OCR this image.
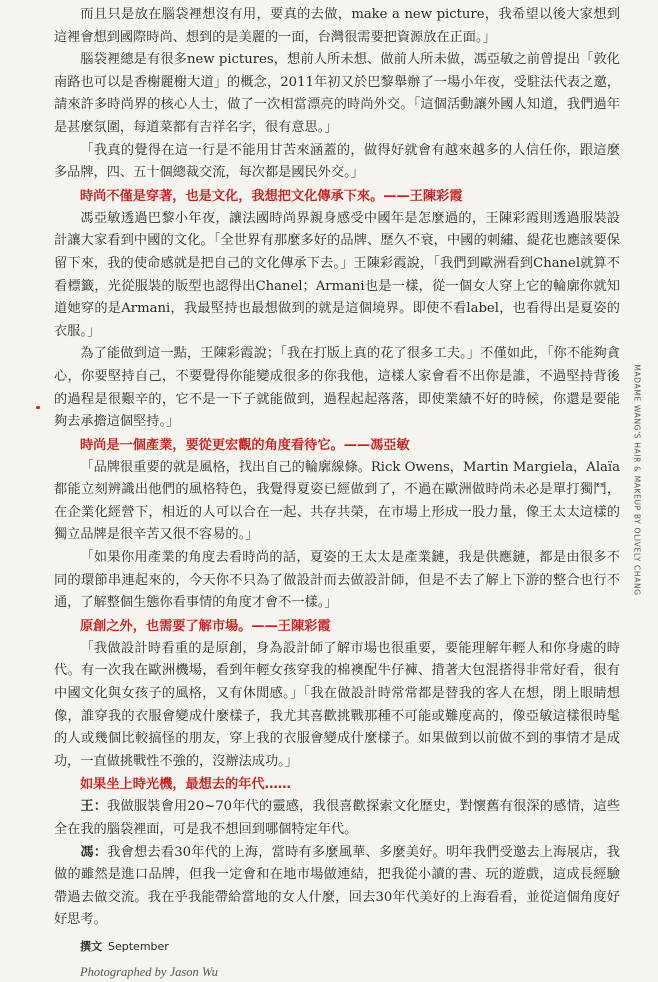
而且只是放在腦袋裡想沒有用，要真的去做，make a new picture，我希望以後大家想到這裡會想到國際時尚、想到的是美麗的一面，台灣很需要把資源放在正面。」

腦袋裡總是有很多new pictures，想前人所未想、做前人所未做，馮亞敏之前曾提出「敦化南路也可以是香榭麗榭大道」的概念，2011年初又於巴黎舉辦了一場小年夜，受駐法代表之邀，請來許多時尚界的核心人士，做了一次相當漂亮的時尚外交。「這個活動讓外國人知道，我們過年是甚麼氛圍，每道菜都有吉祥名字，很有意思。」

「我真的覺得在這一行是不能用甘苦來涵蓋的，做得好就會有越來越多的人信任你，跟這麼多品牌，四、五十個總裁交流，每次都是國民外交。」

時尚不僅是穿著，也是文化，我想把文化傳承下來。——王陳彩霞

馮亞敏透過巴黎小年夜，讓法國時尚界親身感受中國年是怎麼過的，王陳彩霞則透過服裝設計讓大家看到中國的文化。「全世界有那麼多好的品牌、歷久不衰，中國的刺繡、緹花也應該要保留下來，我的使命感就是把自己的文化傳承下去。」王陳彩霞說，「我們到歐洲看到Chanel就算不看標籤，光從服裝的版型也認得出Chanel；Armani也是一樣，從一個女人穿上它的輪廓你就知道她穿的是Armani，我最堅持也最想做到的就是這個境界。即使不看label，也看得出是夏姿的衣服。」

為了能做到這一點，王陳彩霞說；「我在打版上真的花了很多工夫。」不僅如此，「你不能夠貪心，你要堅持自己，不要覺得你能變成很多的你我他，這樣人家會看不出你是誰，不過堅持背後的過程是很艱辛的，它不是一下子就能做到，過程起起落落，即使業績不好的時候，你還是要能夠去承擔這個堅持。」

時尚是一個產業，要從更宏觀的角度看待它。——馮亞敏

「品牌很重要的就是風格，找出自己的輪廓線條。Rick Owens，Martin Margiela，Alaïa都能立刻辨識出他們的風格特色，我覺得夏姿已經做到了，不過在歐洲做時尚未必是單打獨鬥，在企業化經營下，相近的人可以合在一起、共存共榮，在市場上形成一股力量，像王太太這樣的獨立品牌是很辛苦又很不容易的。」

「如果你用產業的角度去看時尚的話，夏姿的王太太是產業鏈，我是供應鏈，都是由很多不同的環節串連起來的，今天你不只為了做設計而去做設計師，但是不去了解上下游的整合也行不通，了解整個生態你看事情的角度才會不一樣。」

原創之外，也需要了解市場。——王陳彩霞

「我做設計時看重的是原創，身為設計師了解市場也很重要，要能理解年輕人和你身處的時代。有一次我在歐洲機場，看到年輕女孩穿我的棉襖配牛仔褲、揹著大包混搭得非常好看，很有中國文化與女孩子的風格，又有休閒感。」「我在做設計時常常都是替我的客人在想，閉上眼睛想像，誰穿我的衣服會變成什麼樣子，我尤其喜歡挑戰那種不可能或難度高的，像亞敏這樣很時髦的人或幾個比較搞怪的朋友，穿上我的衣服會變成什麼樣子。如果做到以前做不到的事情才是成功，一直做挑戰性不強的，沒辦法成功。」

如果坐上時光機，最想去的年代……

王：我做服裝會用20~70年代的靈感，我很喜歡探索文化歷史，對懷舊有很深的感情，這些全在我的腦袋裡面，可是我不想回到哪個特定年代。

馮：我會想去看30年代的上海，當時有多麼風華、多麼美好。明年我們受邀去上海展店，我做的雖然是進口品牌，但我一定會和在地市場做連結，把我從小讀的書、玩的遊戲，這成長經驗帶過去做交流。我在乎我能帶給當地的女人什麼，回去30年代美好的上海看看，並從這個角度好好思考。

撰文 September
Photographed by Jason Wu
MADAME WANG'S HAIR & MAKEUP BY OLIVELY CHANG
